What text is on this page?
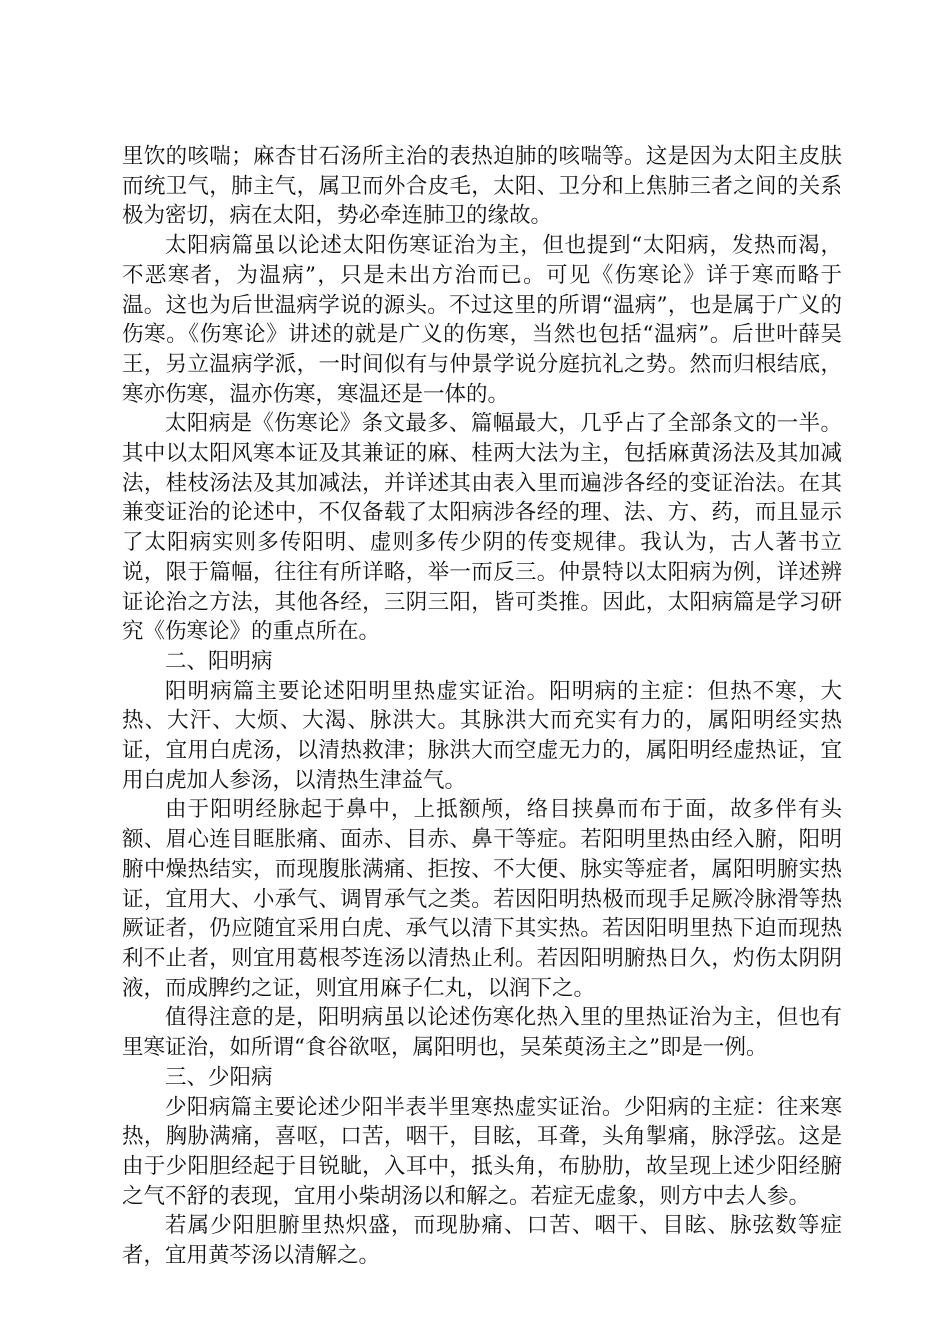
里饮的咳喘；麻杏甘石汤所主治的表热迫肺的咳喘等。这是因为太阳主皮肤而统卫气，肺主气，属卫而外合皮毛，太阳、卫分和上焦肺三者之间的关系极为密切，病在太阳，势必牵连肺卫的缘故。

太阳病篇虽以论述太阳伤寒证治为主，但也提到“太阳病，发热而渴，不恶寒者，为温病”，只是未出方治而已。可见《伤寒论》详于寒而略于温。这也为后世温病学说的源头。不过这里的所谓“温病”，也是属于广义的伤寒。《伤寒论》讲述的就是广义的伤寒，当然也包括“温病”。后世叶薛吴王，另立温病学派，一时间似有与仲景学说分庭抗礼之势。然而归根结底，寒亦伤寒，温亦伤寒，寒温还是一体的。

太阳病是《伤寒论》条文最多、篇幅最大，几乎占了全部条文的一半。其中以太阳风寒本证及其兼证的麻、桂两大法为主，包括麻黄汤法及其加减法，桂枝汤法及其加减法，并详述其由表入里而遍涉各经的变证治法。在其兼变证治的论述中，不仅备载了太阳病涉各经的理、法、方、药，而且显示了太阳病实则多传阳明、虚则多传少阴的传变规律。我认为，古人著书立说，限于篇幅，往往有所详略，举一而反三。仲景特以太阳病为例，详述辨证论治之方法，其他各经，三阴三阳，皆可类推。因此，太阳病篇是学习研究《伤寒论》的重点所在。

二、阳明病

阳明病篇主要论述阳明里热虚实证治。阳明病的主症：但热不寒，大热、大汗、大烦、大渴、脉洪大。其脉洪大而充实有力的，属阳明经实热证，宜用白虎汤，以清热救津；脉洪大而空虚无力的，属阳明经虚热证，宜用白虎加人参汤，以清热生津益气。

由于阳明经脉起于鼻中，上抵额颅，络目挟鼻而布于面，故多伴有头额、眉心连目眶胀痛、面赤、目赤、鼻干等症。若阳明里热由经入腑，阳明腑中燥热结实，而现腹胀满痛、拒按、不大便、脉实等症者，属阳明腑实热证，宜用大、小承气、调胃承气之类。若因阳明热极而现手足厥冷脉滑等热厥证者，仍应随宜采用白虎、承气以清下其实热。若因阳明里热下迫而现热利不止者，则宜用葛根芩连汤以清热止利。若因阳明腑热日久，灼伤太阴阴液，而成脾约之证，则宜用麻子仁丸，以润下之。

值得注意的是，阳明病虽以论述伤寒化热入里的里热证治为主，但也有里寒证治，如所谓“食谷欲呕，属阳明也，吴茱萸汤主之”即是一例。

三、少阳病

少阳病篇主要论述少阳半表半里寒热虚实证治。少阳病的主症：往来寒热，胸胁满痛，喜呕，口苦，咽干，目眩，耳聋，头角掣痛，脉浮弦。这是由于少阳胆经起于目锐眦，入耳中，抵头角，布胁肋，故呈现上述少阳经腑之气不舒的表现，宜用小柴胡汤以和解之。若症无虚象，则方中去人参。

若属少阳胆腑里热炽盛，而现胁痛、口苦、咽干、目眩、脉弦数等症者，宜用黄芩汤以清解之。
